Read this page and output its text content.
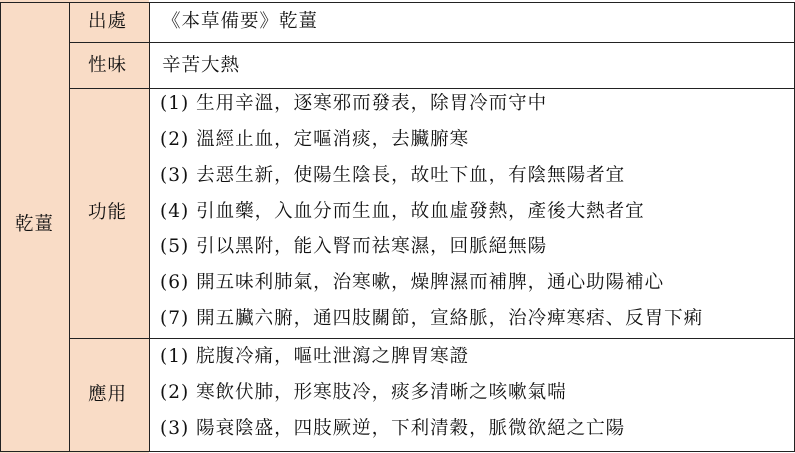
乾薑
出處
性味
功能
應用
《本草備要》乾薑
辛苦大熱
(1) 生用辛溫，逐寒邪而發表，除胃冷而守中
(2) 溫經止血，定嘔消痰，去臟腑寒
(3) 去惡生新，使陽生陰長，故吐下血，有陰無陽者宜
(4) 引血藥，入血分而生血，故血虛發熱，產後大熱者宜
(5) 引以黑附，能入腎而祛寒濕，回脈絕無陽
(6) 開五味利肺氣，治寒嗽，燥脾濕而補脾，通心助陽補心
(7) 開五臟六腑，通四肢關節，宣絡脈，治冷痺寒痞、反胃下痢
(1) 脘腹冷痛，嘔吐泄瀉之脾胃寒證
(2) 寒飲伏肺，形寒肢冷，痰多清晰之咳嗽氣喘
(3) 陽衰陰盛，四肢厥逆，下利清穀，脈微欲絕之亡陽
